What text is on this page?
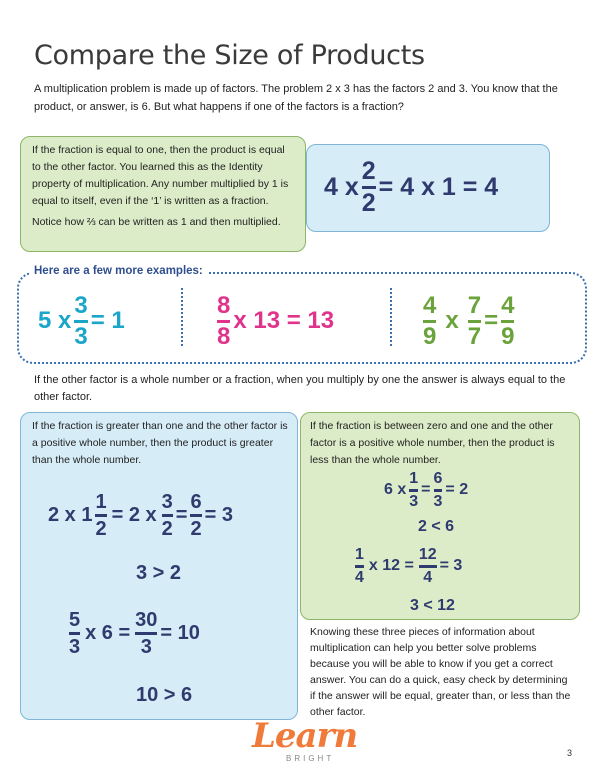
Compare the Size of Products
A multiplication problem is made up of factors. The problem 2 x 3 has the factors 2 and 3. You know that the product, or answer, is 6. But what happens if one of the factors is a fraction?
If the fraction is equal to one, then the product is equal to the other factor. You learned this as the Identity property of multiplication. Any number multiplied by 1 is equal to itself, even if the ‘1’ is written as a fraction.
Notice how ⅔ can be written as 1 and then multiplied.
4 x $\frac{2}{2} = 4$ x 1 = 4
Here are a few more examples:
5 x $\frac{3}{3} = 1$	$\frac{8}{8}$ x 13 = 13	$\frac{4}{9}$ x $\frac{7}{7} = \frac{4}{9}$
If the other factor is a whole number or a fraction, when you multiply by one the answer is always equal to the other factor.
If the fraction is greater than one and the other factor is a positive whole number, then the product is greater than the whole number.
2 x $1 \frac{1}{2} = 2$ x $\frac{3}{2} = \frac{6}{2} = 3$
3 > 2
$\frac{5}{3}$ x $6 = \frac{30}{3} = 10$
10 > 6
If the fraction is between zero and one and the other factor is a positive whole number, then the product is less than the whole number.
6 x $\frac{1}{3} = \frac{6}{3} = 2$
2 < 6
$\frac{1}{4}$ x $12 = \frac{12}{4} = 3$
3 < 12
Knowing these three pieces of information about multiplication can help you better solve problems because you will be able to know if you get a correct answer. You can do a quick, easy check by determining if the answer will be equal, greater than, or less than the other factor.
Learn
BRIGHT
3
